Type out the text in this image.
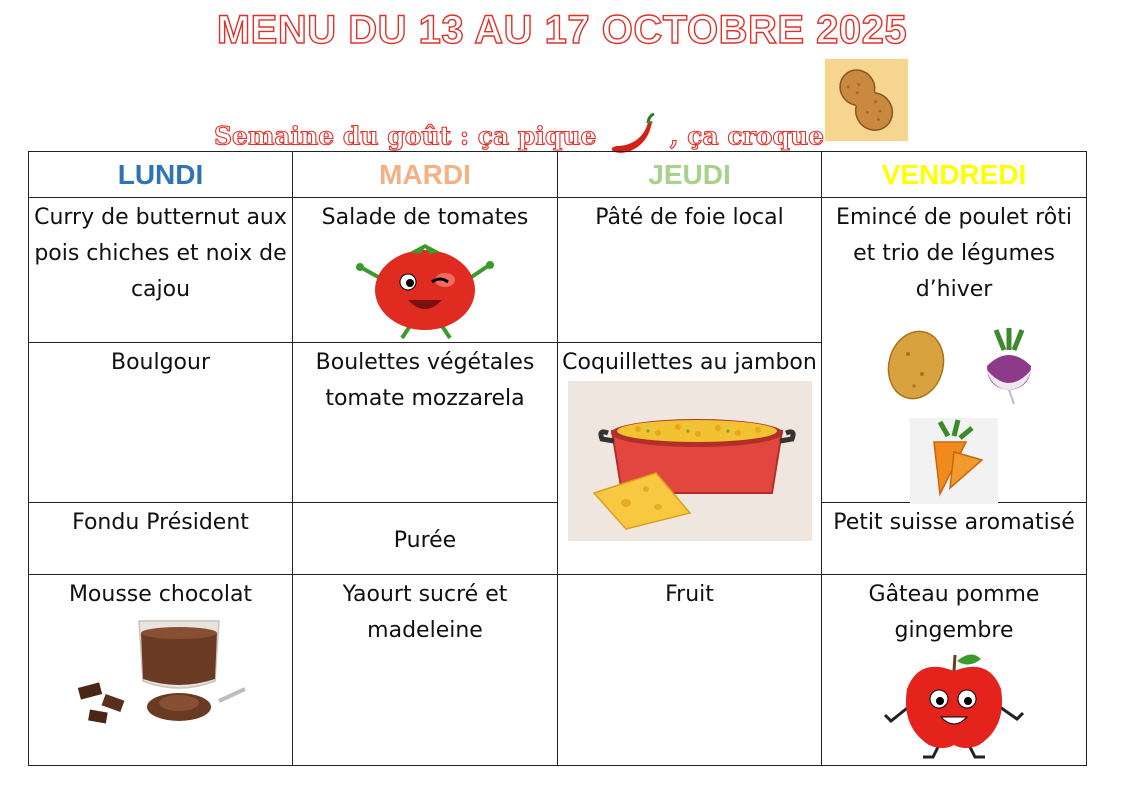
MENU DU 13 AU 17 OCTOBRE 2025
Semaine du goût : ça pique	, ça croque
LUNDI	MARDI	JEUDI	VENDREDI

Curry de butternut aux pois chiches et noix de cajou	Salade de tomates	Pâté de foie local	Emincé de poulet rôti et trio de légumes d’hiver

Boulgour	Boulettes végétales tomate mozzarela	Coquillettes au jambon	

Fondu Président	Purée		Petit suisse aromatisé

Mousse chocolat	Yaourt sucré et madeleine	Fruit	Gâteau pomme gingembre
